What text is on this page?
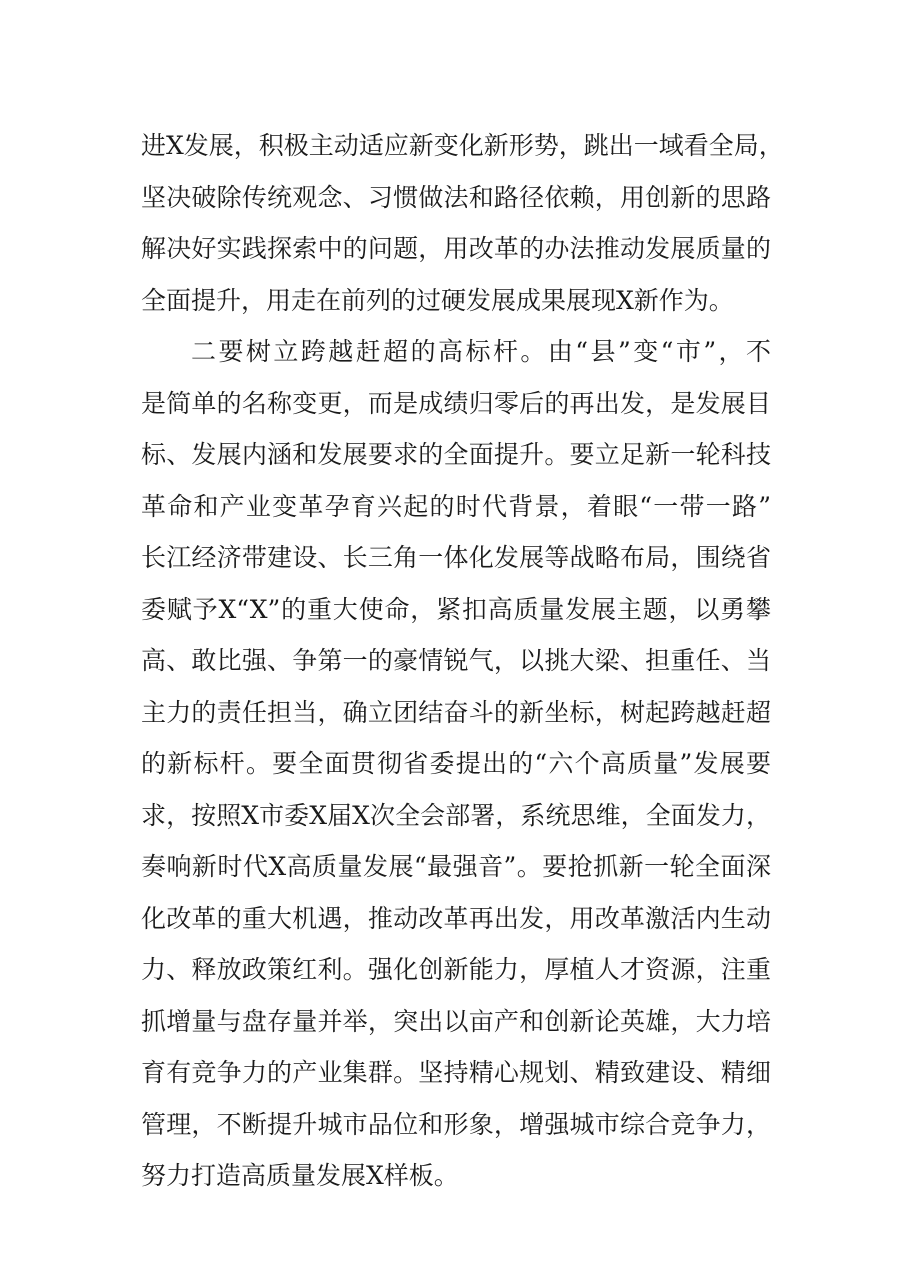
进X发展，积极主动适应新变化新形势，跳出一域看全局，
坚决破除传统观念、习惯做法和路径依赖，用创新的思路
解决好实践探索中的问题，用改革的办法推动发展质量的
全面提升，用走在前列的过硬发展成果展现X新作为。
二要树立跨越赶超的高标杆。由“县”变“市”，不
是简单的名称变更，而是成绩归零后的再出发，是发展目
标、发展内涵和发展要求的全面提升。要立足新一轮科技
革命和产业变革孕育兴起的时代背景，着眼“一带一路”
长江经济带建设、长三角一体化发展等战略布局，围绕省
委赋予X“X”的重大使命，紧扣高质量发展主题，以勇攀
高、敢比强、争第一的豪情锐气，以挑大梁、担重任、当
主力的责任担当，确立团结奋斗的新坐标，树起跨越赶超
的新标杆。要全面贯彻省委提出的“六个高质量”发展要
求，按照X市委X届X次全会部署，系统思维，全面发力，
奏响新时代X高质量发展“最强音”。要抢抓新一轮全面深
化改革的重大机遇，推动改革再出发，用改革激活内生动
力、释放政策红利。强化创新能力，厚植人才资源，注重
抓增量与盘存量并举，突出以亩产和创新论英雄，大力培
育有竞争力的产业集群。坚持精心规划、精致建设、精细
管理，不断提升城市品位和形象，增强城市综合竞争力，
努力打造高质量发展X样板。
